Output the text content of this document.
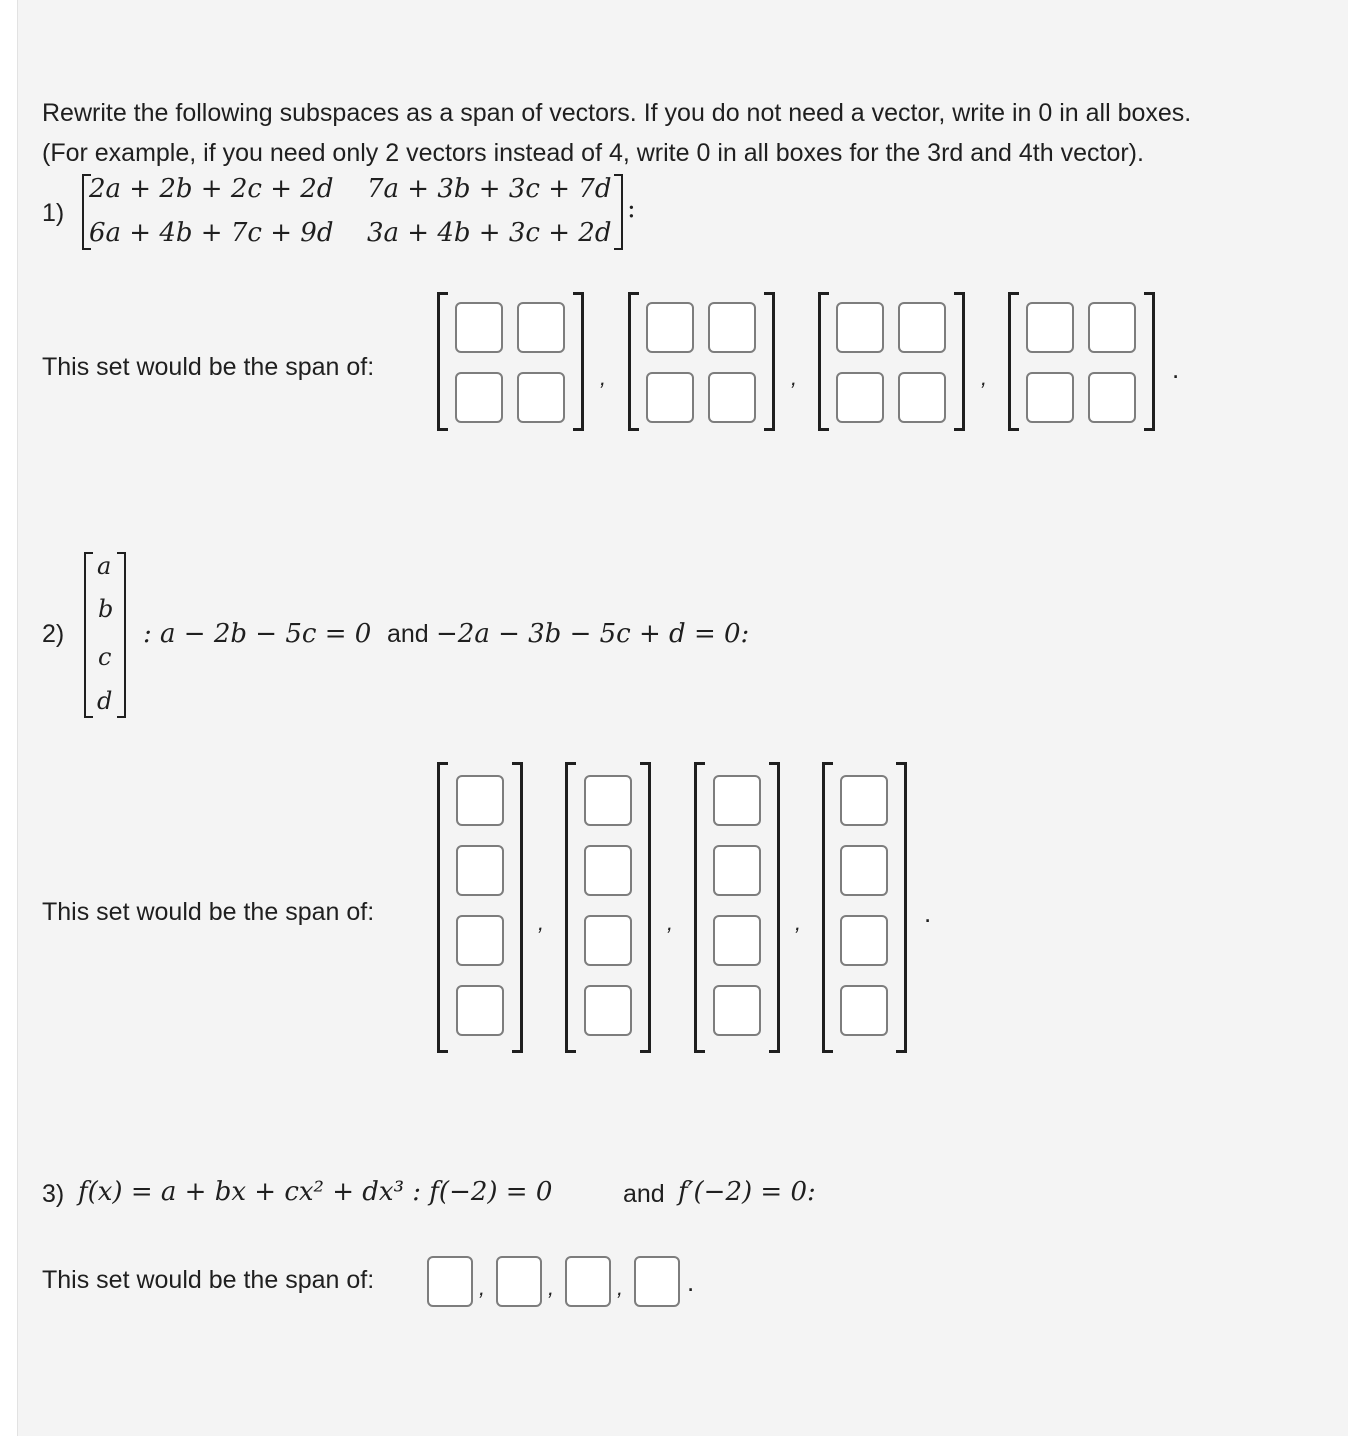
Rewrite the following subspaces as a span of vectors. If you do not need a vector, write in 0 in all boxes.
(For example, if you need only 2 vectors instead of 4, write 0 in all boxes for the 3rd and 4th vector).
1)
2a + 2b + 2c + 2d 7a + 3b + 3c + 7d
6a + 4b + 7c + 9d 3a + 4b + 3c + 2d
:
This set would be the span of:	,	,	,	.
2)
a
b
c
d
: a − 2b − 5c = 0 and −2a − 3b − 5c + d = 0:
This set would be the span of:	,	,	,	.
3) f(x) = a + bx + cx² + dx³ : f(−2) = 0	and f′(−2) = 0:
This set would be the span of:	,	,	, .
